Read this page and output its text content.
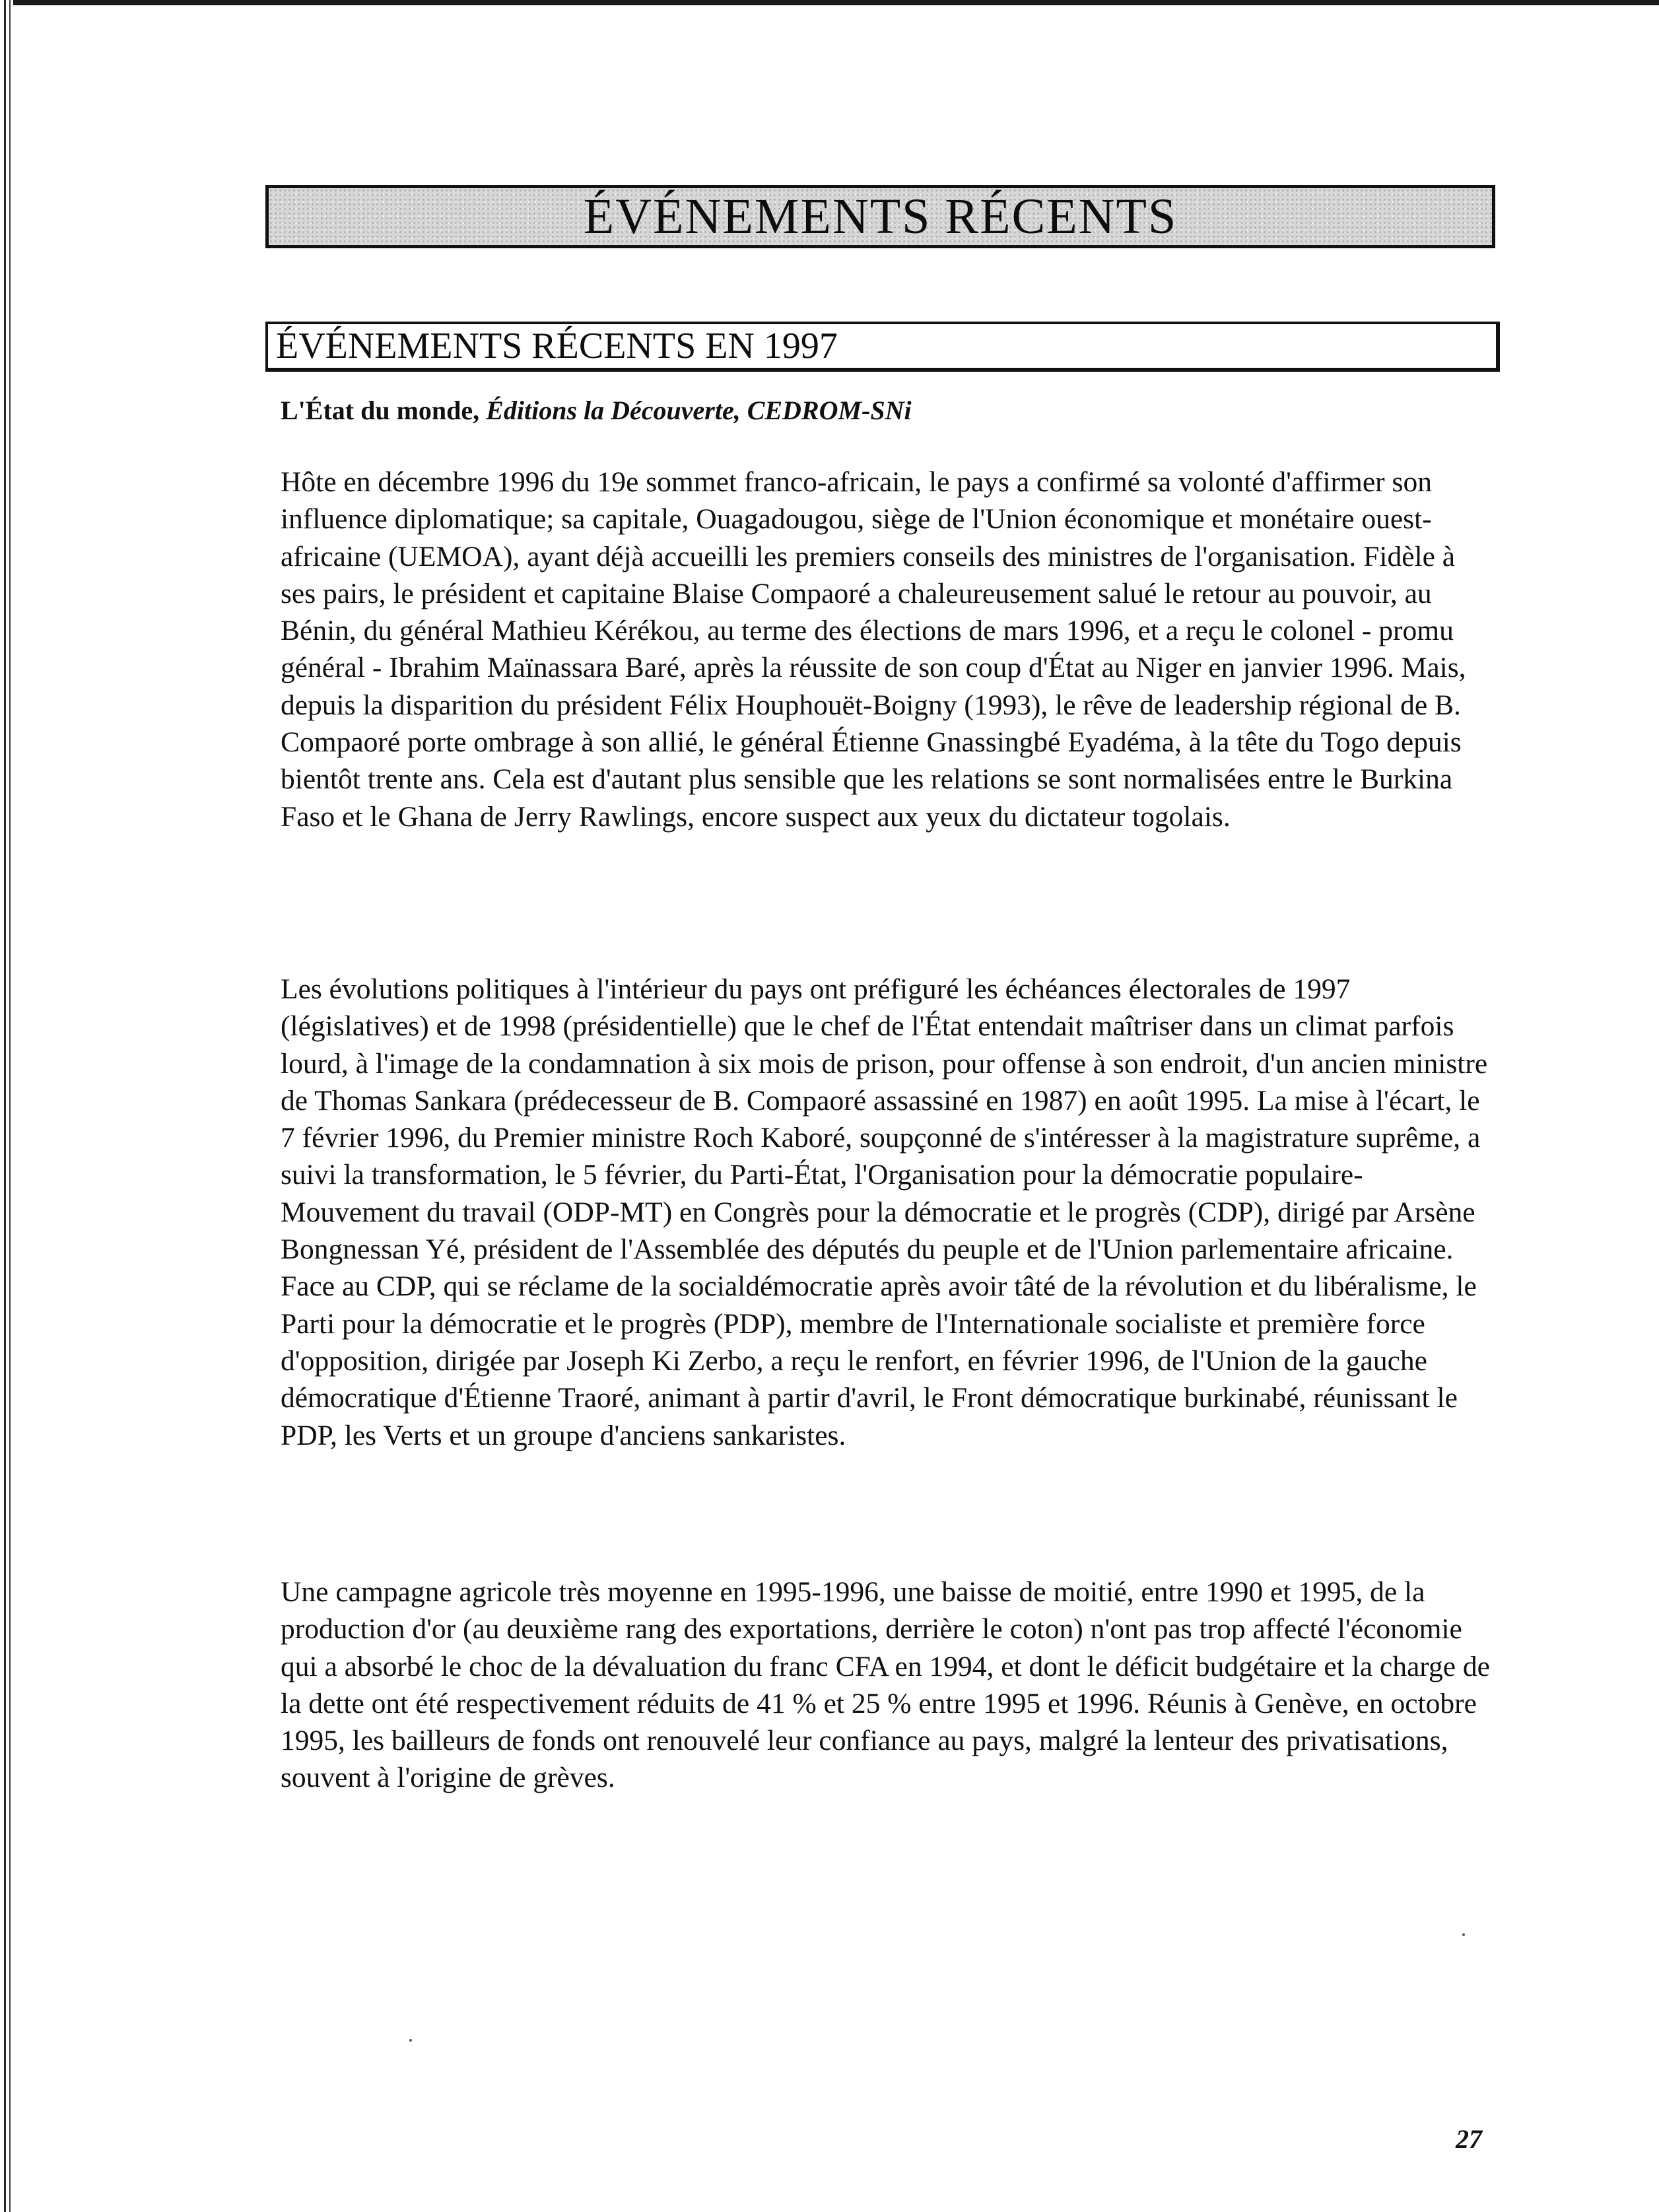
ÉVÉNEMENTS RÉCENTS
ÉVÉNEMENTS RÉCENTS EN 1997
L'État du monde, Éditions la Découverte, CEDROM-SNi

Hôte en décembre 1996 du 19e sommet franco-africain, le pays a confirmé sa volonté d'affirmer son influence diplomatique; sa capitale, Ouagadougou, siège de l'Union économique et monétaire ouest-africaine (UEMOA), ayant déjà accueilli les premiers conseils des ministres de l'organisation. Fidèle à ses pairs, le président et capitaine Blaise Compaoré a chaleureusement salué le retour au pouvoir, au Bénin, du général Mathieu Kérékou, au terme des élections de mars 1996, et a reçu le colonel - promu général - Ibrahim Maïnassara Baré, après la réussite de son coup d'État au Niger en janvier 1996. Mais, depuis la disparition du président Félix Houphouët-Boigny (1993), le rêve de leadership régional de B. Compaoré porte ombrage à son allié, le général Étienne Gnassingbé Eyadéma, à la tête du Togo depuis bientôt trente ans. Cela est d'autant plus sensible que les relations se sont normalisées entre le Burkina Faso et le Ghana de Jerry Rawlings, encore suspect aux yeux du dictateur togolais.

Les évolutions politiques à l'intérieur du pays ont préfiguré les échéances électorales de 1997 (législatives) et de 1998 (présidentielle) que le chef de l'État entendait maîtriser dans un climat parfois lourd, à l'image de la condamnation à six mois de prison, pour offense à son endroit, d'un ancien ministre de Thomas Sankara (prédecesseur de B. Compaoré assassiné en 1987) en août 1995. La mise à l'écart, le 7 février 1996, du Premier ministre Roch Kaboré, soupçonné de s'intéresser à la magistrature suprême, a suivi la transformation, le 5 février, du Parti-État, l'Organisation pour la démocratie populaire-Mouvement du travail (ODP-MT) en Congrès pour la démocratie et le progrès (CDP), dirigé par Arsène Bongnessan Yé, président de l'Assemblée des députés du peuple et de l'Union parlementaire africaine. Face au CDP, qui se réclame de la socialdémocratie après avoir tâté de la révolution et du libéralisme, le Parti pour la démocratie et le progrès (PDP), membre de l'Internationale socialiste et première force d'opposition, dirigée par Joseph Ki Zerbo, a reçu le renfort, en février 1996, de l'Union de la gauche démocratique d'Étienne Traoré, animant à partir d'avril, le Front démocratique burkinabé, réunissant le PDP, les Verts et un groupe d'anciens sankaristes.

Une campagne agricole très moyenne en 1995-1996, une baisse de moitié, entre 1990 et 1995, de la production d'or (au deuxième rang des exportations, derrière le coton) n'ont pas trop affecté l'économie qui a absorbé le choc de la dévaluation du franc CFA en 1994, et dont le déficit budgétaire et la charge de la dette ont été respectivement réduits de 41 % et 25 % entre 1995 et 1996. Réunis à Genève, en octobre 1995, les bailleurs de fonds ont renouvelé leur confiance au pays, malgré la lenteur des privatisations, souvent à l'origine de grèves.

27
